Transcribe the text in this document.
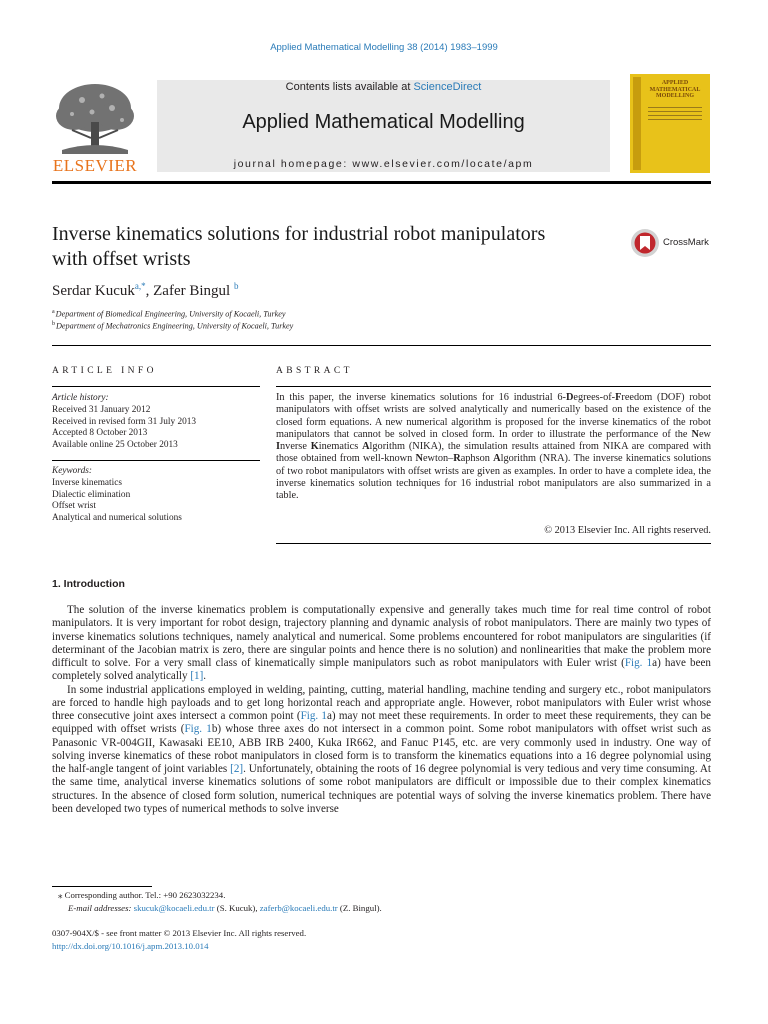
Applied Mathematical Modelling 38 (2014) 1983–1999
ELSEVIER
Contents lists available at ScienceDirect
Applied Mathematical Modelling
journal homepage: www.elsevier.com/locate/apm
APPLIED MATHEMATICAL MODELLING
Inverse kinematics solutions for industrial robot manipulators
with offset wrists
CrossMark
Serdar Kucuk$^{a,*}$, Zafer Bingul $^b$
$^a$Department of Biomedical Engineering, University of Kocaeli, Turkey
$^b$Department of Mechatronics Engineering, University of Kocaeli, Turkey
ARTICLE INFO
Article history:
Received 31 January 2012
Received in revised form 31 July 2013
Accepted 8 October 2013
Available online 25 October 2013
Keywords:
Inverse kinematics
Dialectic elimination
Offset wrist
Analytical and numerical solutions
ABSTRACT
In this paper, the inverse kinematics solutions for 16 industrial 6-Degrees-of-Freedom (DOF) robot manipulators with offset wrists are solved analytically and numerically based on the existence of the closed form equations. A new numerical algorithm is proposed for the inverse kinematics of the robot manipulators that cannot be solved in closed form. In order to illustrate the performance of the New Inverse Kinematics Algorithm (NIKA), the simulation results attained from NIKA are compared with those obtained from well-known Newton–Raphson Algorithm (NRA). The inverse kinematics solutions of two robot manipulators with offset wrists are given as examples. In order to have a complete idea, the inverse kinematics solution techniques for 16 industrial robot manipulators are also summarized in a table.
© 2013 Elsevier Inc. All rights reserved.
1. Introduction

The solution of the inverse kinematics problem is computationally expensive and generally takes much time for real time control of robot manipulators. It is very important for robot design, trajectory planning and dynamic analysis of robot manipulators. There are mainly two types of inverse kinematics solutions techniques, namely analytical and numerical. Some problems encountered for robot manipulators are singularities (if determinant of the Jacobian matrix is zero, there are singular points and hence there is no solution) and nonlinearities that make the problem more difficult to solve. For a very small class of kinematically simple manipulators such as robot manipulators with Euler wrist (Fig. 1a) have been completely solved analytically [1].

In some industrial applications employed in welding, painting, cutting, material handling, machine tending and surgery etc., robot manipulators are forced to handle high payloads and to get long horizontal reach and appropriate angle. However, robot manipulators with Euler wrist whose three consecutive joint axes intersect a common point (Fig. 1a) may not meet these requirements. In order to meet these requirements, they can be equipped with offset wrists (Fig. 1b) whose three axes do not intersect in a common point. Some robot manipulators with offset wrist such as Panasonic VR-004GII, Kawasaki EE10, ABB IRB 2400, Kuka IR662, and Fanuc P145, etc. are very commonly used in industry. One way of solving inverse kinematics of these robot manipulators in closed form is to transform the kinematics equations into a 16 degree polynomial using the half-angle tangent of joint variables [2]. Unfortunately, obtaining the roots of 16 degree polynomial is very tedious and very time consuming. At the same time, analytical inverse kinematics solutions of some robot manipulators are difficult or impossible due to their complex kinematics structures. In the absence of closed form solution, numerical techniques are potential ways of solving the inverse kinematics problem. There have been developed two types of numerical methods to solve inverse

⁎ Corresponding author. Tel.: +90 2623032234.
E-mail addresses: skucuk@kocaeli.edu.tr (S. Kucuk), zaferb@kocaeli.edu.tr (Z. Bingul).
0307-904X/$ - see front matter © 2013 Elsevier Inc. All rights reserved.
http://dx.doi.org/10.1016/j.apm.2013.10.014
